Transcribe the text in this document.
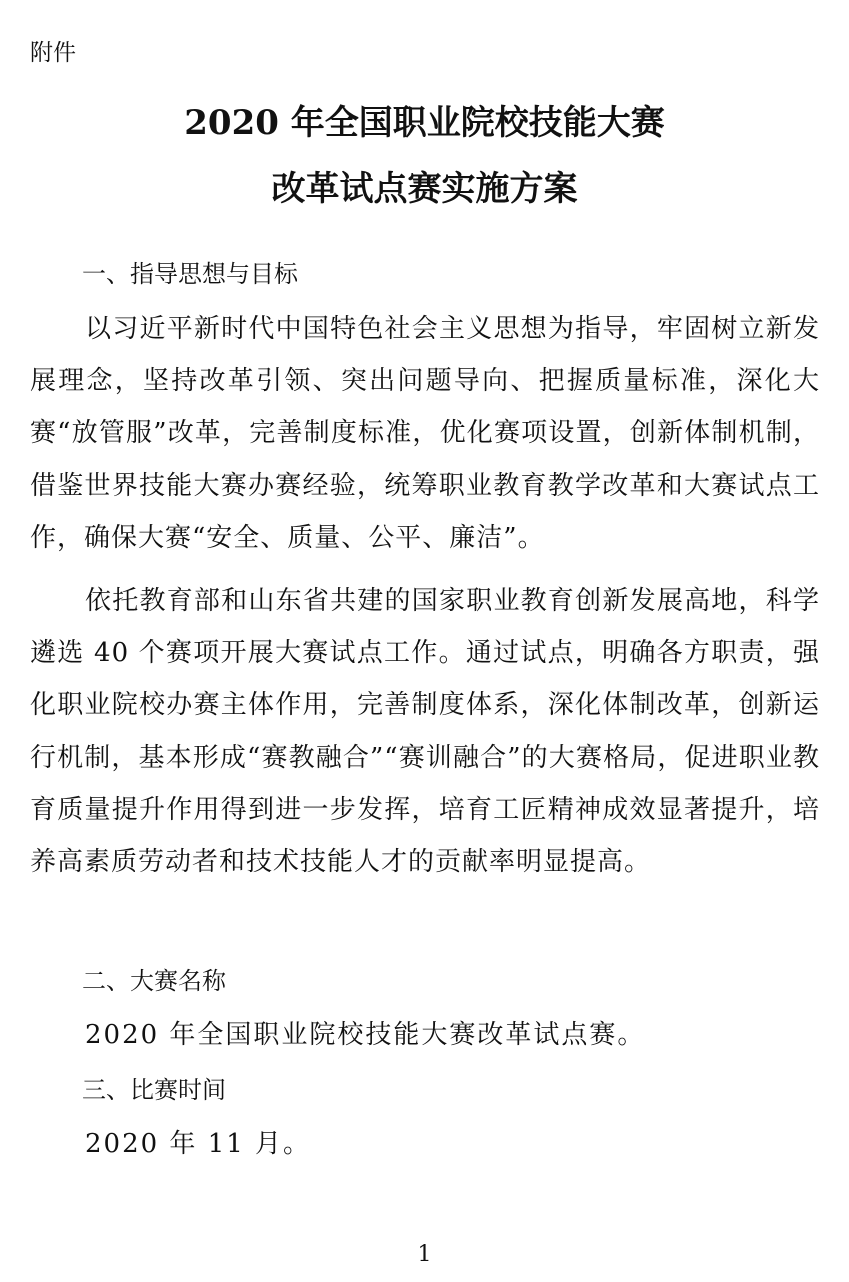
附件
2020 年全国职业院校技能大赛
改革试点赛实施方案
一、指导思想与目标

以习近平新时代中国特色社会主义思想为指导，牢固树立新发展理念，坚持改革引领、突出问题导向、把握质量标准，深化大赛“放管服”改革，完善制度标准，优化赛项设置，创新体制机制，借鉴世界技能大赛办赛经验，统筹职业教育教学改革和大赛试点工作，确保大赛“安全、质量、公平、廉洁”。

依托教育部和山东省共建的国家职业教育创新发展高地，科学遴选 40 个赛项开展大赛试点工作。通过试点，明确各方职责，强化职业院校办赛主体作用，完善制度体系，深化体制改革，创新运行机制，基本形成“赛教融合”“赛训融合”的大赛格局，促进职业教育质量提升作用得到进一步发挥，培育工匠精神成效显著提升，培养高素质劳动者和技术技能人才的贡献率明显提高。

二、大赛名称

2020 年全国职业院校技能大赛改革试点赛。

三、比赛时间

2020 年 11 月。

1
